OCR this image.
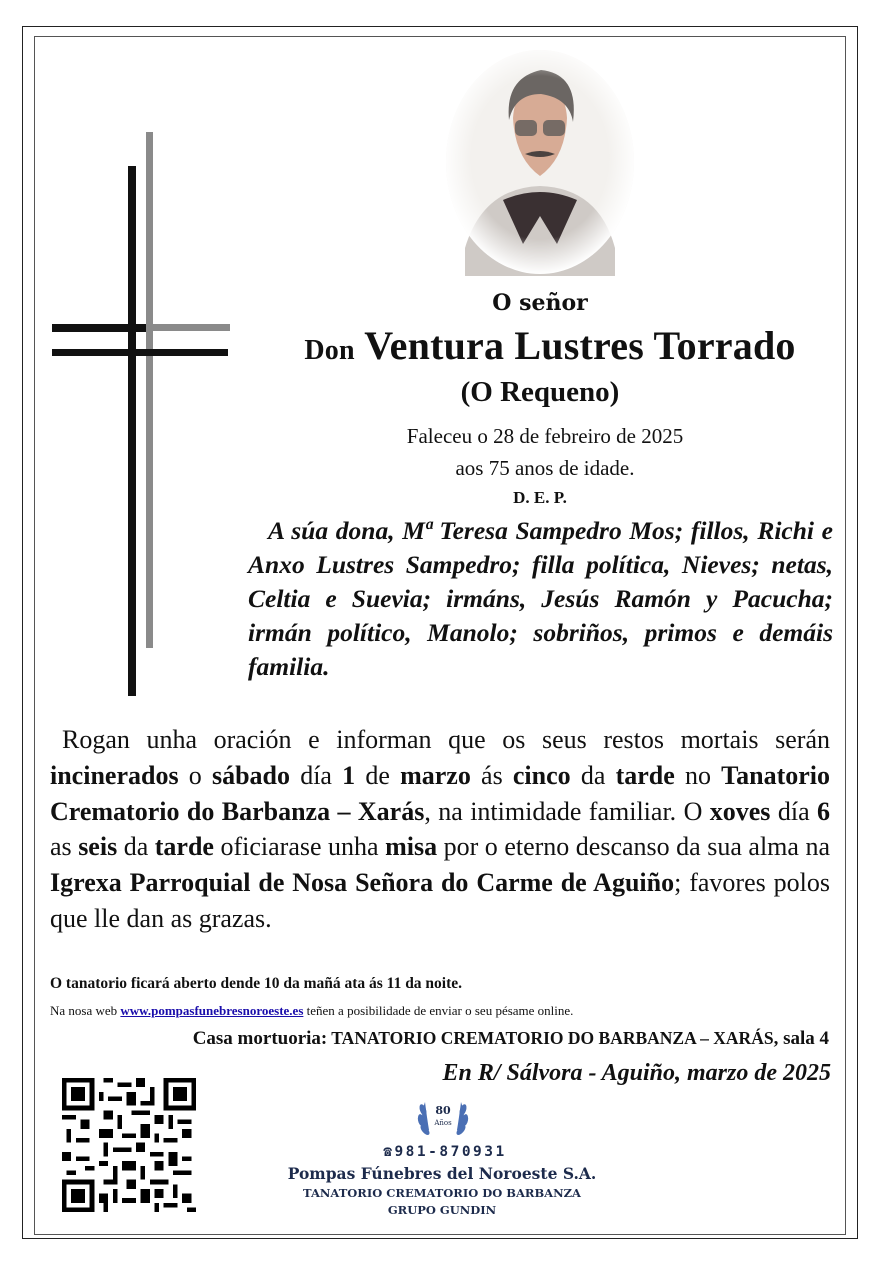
O señor
Don Ventura Lustres Torrado
(O Requeno)
Faleceu o 28 de febreiro de 2025
aos 75 anos de idade.
D. E. P.

A súa dona, Mª Teresa Sampedro Mos; fillos, Richi e Anxo Lustres Sampedro; filla política, Nieves; netas, Celtia e Suevia; irmáns, Jesús Ramón y Pacucha; irmán político, Manolo; sobriños, primos e demáis familia.

Rogan unha oración e informan que os seus restos mortais serán incinerados o sábado día 1 de marzo ás cinco da tarde no Tanatorio Crematorio do Barbanza – Xarás, na intimidade familiar. O xoves día 6 as seis da tarde oficiarase unha misa por o eterno descanso da sua alma na Igrexa Parroquial de Nosa Señora do Carme de Aguiño; favores polos que lle dan as grazas.

O tanatorio ficará aberto dende 10 da mañá ata ás 11 da noite.
Na nosa web www.pompasfunebresnoroeste.es teñen a posibilidade de enviar o seu pésame online.
Casa mortuoria: TANATORIO CREMATORIO DO BARBANZA – XARÁS, sala 4
En R/ Sálvora - Aguiño, marzo de 2025
80
Años
☎981-870931
Pompas Fúnebres del Noroeste S.A.
TANATORIO CREMATORIO DO BARBANZA
GRUPO GUNDIN
